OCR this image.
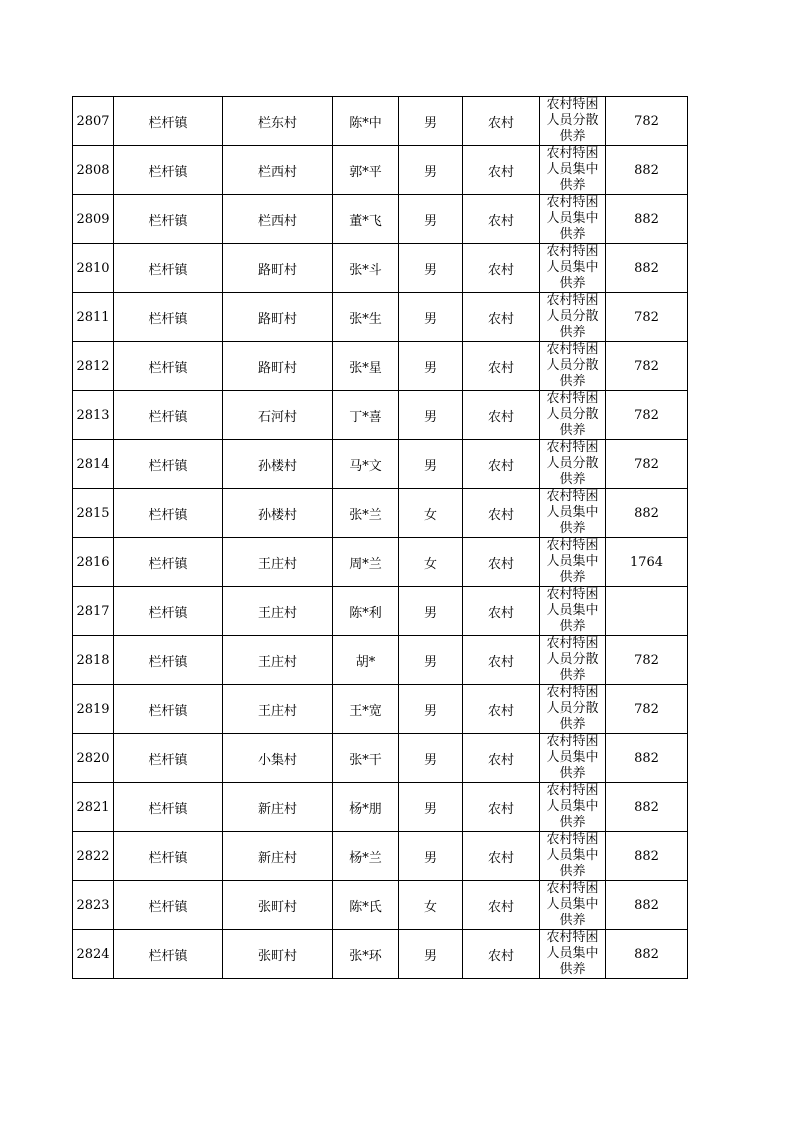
2807	栏杆镇	栏东村	陈*中	男	农村	农村特困人员分散供养	782
2808	栏杆镇	栏西村	郭*平	男	农村	农村特困人员集中供养	882
2809	栏杆镇	栏西村	董*飞	男	农村	农村特困人员集中供养	882
2810	栏杆镇	路町村	张*斗	男	农村	农村特困人员集中供养	882
2811	栏杆镇	路町村	张*生	男	农村	农村特困人员分散供养	782
2812	栏杆镇	路町村	张*星	男	农村	农村特困人员分散供养	782
2813	栏杆镇	石河村	丁*喜	男	农村	农村特困人员分散供养	782
2814	栏杆镇	孙楼村	马*文	男	农村	农村特困人员分散供养	782
2815	栏杆镇	孙楼村	张*兰	女	农村	农村特困人员集中供养	882
2816	栏杆镇	王庄村	周*兰	女	农村	农村特困人员集中供养	1764
2817	栏杆镇	王庄村	陈*利	男	农村	农村特困人员集中供养	

2818	栏杆镇	王庄村	胡*	男	农村	农村特困人员分散供养	782
2819	栏杆镇	王庄村	王*宽	男	农村	农村特困人员分散供养	782
2820	栏杆镇	小集村	张*干	男	农村	农村特困人员集中供养	882
2821	栏杆镇	新庄村	杨*朋	男	农村	农村特困人员集中供养	882
2822	栏杆镇	新庄村	杨*兰	男	农村	农村特困人员集中供养	882
2823	栏杆镇	张町村	陈*氏	女	农村	农村特困人员集中供养	882
2824	栏杆镇	张町村	张*环	男	农村	农村特困人员集中供养	882
